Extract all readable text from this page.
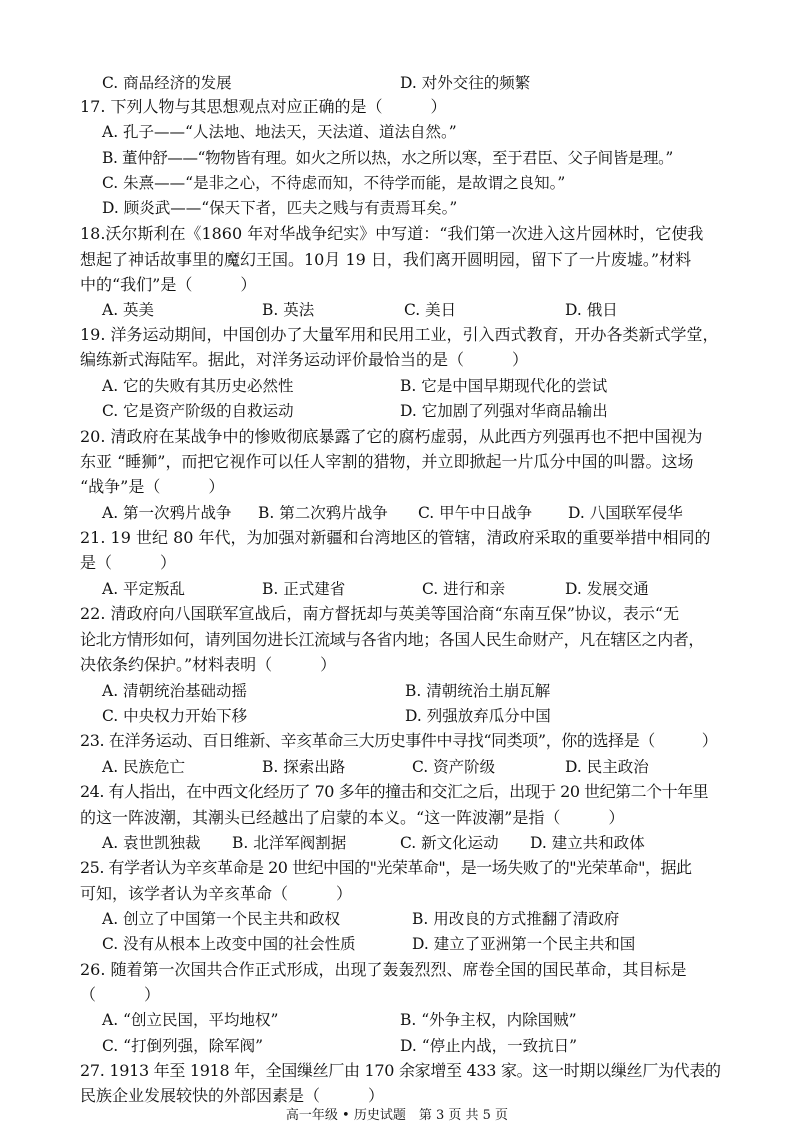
C. 商品经济的发展	D. 对外交往的频繁
17. 下列人物与其思想观点对应正确的是（　　　）
A. 孔子——“人法地、地法天，天法道、道法自然。”
B. 董仲舒——“物物皆有理。如火之所以热，水之所以寒，至于君臣、父子间皆是理。”
C. 朱熹——“是非之心，不待虑而知，不待学而能，是故谓之良知。”
D. 顾炎武——“保天下者，匹夫之贱与有责焉耳矣。”
18.沃尔斯利在《1860 年对华战争纪实》中写道：“我们第一次进入这片园林时，它使我
想起了神话故事里的魔幻王国。10月 19 日，我们离开圆明园，留下了一片废墟。”材料
中的“我们”是（　　　）
A. 英美	B. 英法	C. 美日	D. 俄日
19. 洋务运动期间，中国创办了大量军用和民用工业，引入西式教育，开办各类新式学堂，
编练新式海陆军。据此，对洋务运动评价最恰当的是（　　　）
A. 它的失败有其历史必然性	B. 它是中国早期现代化的尝试
C. 它是资产阶级的自救运动	D. 它加剧了列强对华商品输出
20. 清政府在某战争中的惨败彻底暴露了它的腐朽虚弱，从此西方列强再也不把中国视为
东亚 “睡狮”，而把它视作可以任人宰割的猎物，并立即掀起一片瓜分中国的叫嚣。这场
“战争”是（　　　）
A. 第一次鸦片战争 B. 第二次鸦片战争 C. 甲午中日战争 D. 八国联军侵华
21. 19 世纪 80 年代，为加强对新疆和台湾地区的管辖，清政府采取的重要举措中相同的
是（　　　）
A. 平定叛乱	B. 正式建省	C. 进行和亲	D. 发展交通
22. 清政府向八国联军宣战后，南方督抚却与英美等国洽商“东南互保”协议，表示“无
论北方情形如何，请列国勿进长江流域与各省内地；各国人民生命财产，凡在辖区之内者，
决依条约保护。”材料表明（　　　）
A. 清朝统治基础动摇	B. 清朝统治土崩瓦解
C. 中央权力开始下移	D. 列强放弃瓜分中国
23. 在洋务运动、百日维新、辛亥革命三大历史事件中寻找“同类项”，你的选择是（　　　）
A. 民族危亡	B. 探索出路	C. 资产阶级	D. 民主政治
24. 有人指出，在中西文化经历了 70 多年的撞击和交汇之后，出现于 20 世纪第二个十年里
的这一阵波潮，其潮头已经越出了启蒙的本义。“这一阵波潮”是指（　　　）
A. 袁世凯独裁 B. 北洋军阀割据	C. 新文化运动 D. 建立共和政体
25. 有学者认为辛亥革命是 20 世纪中国的"光荣革命"，是一场失败了的"光荣革命"，据此
可知，该学者认为辛亥革命（　　　）
A. 创立了中国第一个民主共和政权	B. 用改良的方式推翻了清政府
C. 没有从根本上改变中国的社会性质	D. 建立了亚洲第一个民主共和国
26. 随着第一次国共合作正式形成，出现了轰轰烈烈、席卷全国的国民革命，其目标是
（　　　）
A. “创立民国，平均地权”	B. “外争主权，内除国贼”
C. “打倒列强，除军阀”	D. “停止内战，一致抗日”
27. 1913 年至 1918 年，全国缫丝厂由 170 余家增至 433 家。这一时期以缫丝厂为代表的
民族企业发展较快的外部因素是（　　　）
高一年级 • 历史试题　第 3 页 共 5 页
